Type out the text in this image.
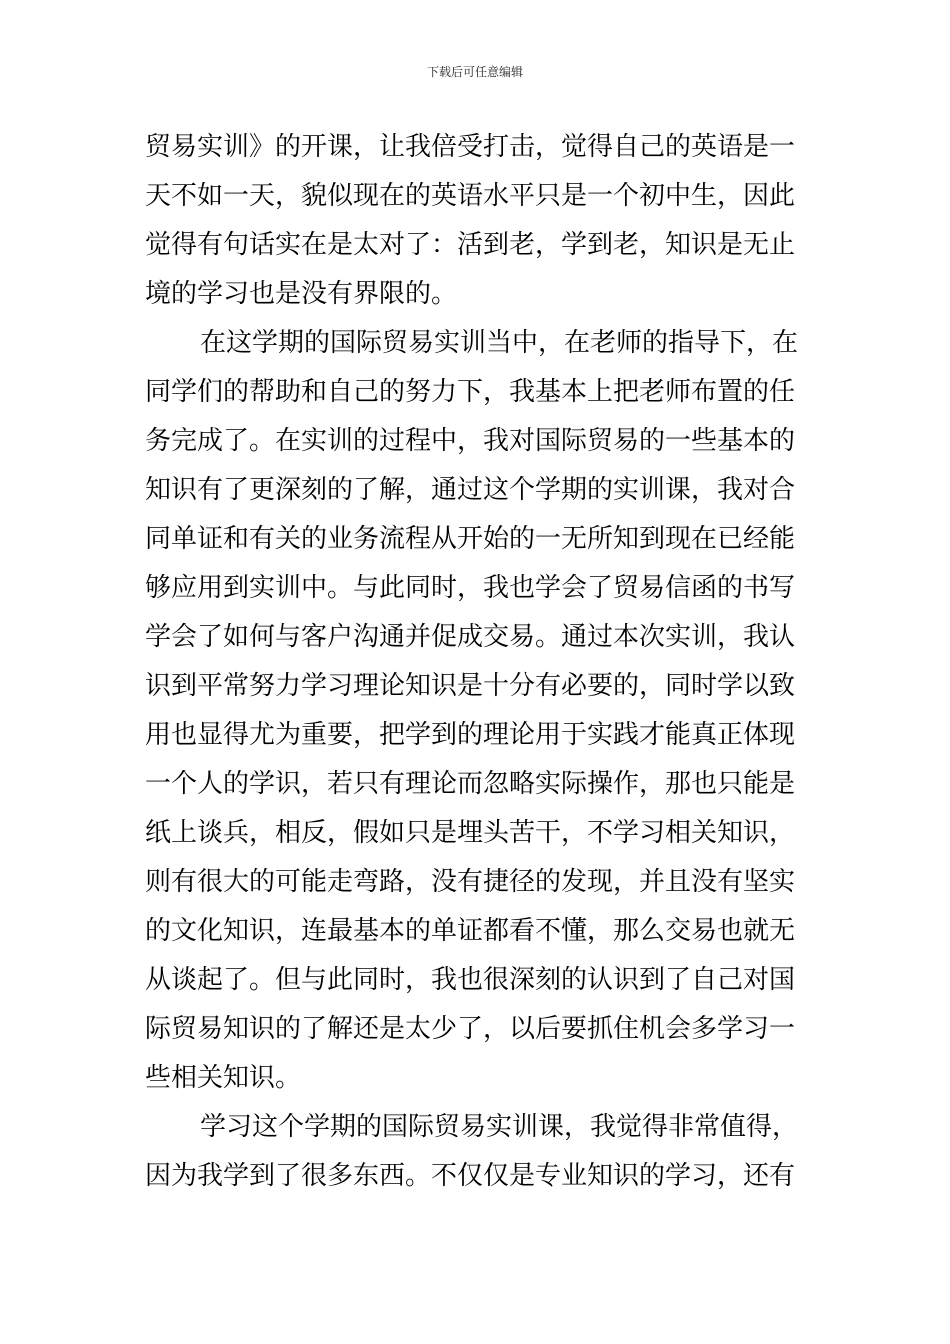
下载后可任意编辑
贸易实训》的开课，让我倍受打击，觉得自己的英语是一
天不如一天，貌似现在的英语水平只是一个初中生，因此
觉得有句话实在是太对了：活到老，学到老，知识是无止
境的学习也是没有界限的。
在这学期的国际贸易实训当中，在老师的指导下，在
同学们的帮助和自己的努力下，我基本上把老师布置的任
务完成了。在实训的过程中，我对国际贸易的一些基本的
知识有了更深刻的了解，通过这个学期的实训课，我对合
同单证和有关的业务流程从开始的一无所知到现在已经能
够应用到实训中。与此同时，我也学会了贸易信函的书写
学会了如何与客户沟通并促成交易。通过本次实训，我认
识到平常努力学习理论知识是十分有必要的，同时学以致
用也显得尤为重要，把学到的理论用于实践才能真正体现
一个人的学识，若只有理论而忽略实际操作，那也只能是
纸上谈兵，相反，假如只是埋头苦干，不学习相关知识，
则有很大的可能走弯路，没有捷径的发现，并且没有坚实
的文化知识，连最基本的单证都看不懂，那么交易也就无
从谈起了。但与此同时，我也很深刻的认识到了自己对国
际贸易知识的了解还是太少了，以后要抓住机会多学习一
些相关知识。
学习这个学期的国际贸易实训课，我觉得非常值得，
因为我学到了很多东西。不仅仅是专业知识的学习，还有
